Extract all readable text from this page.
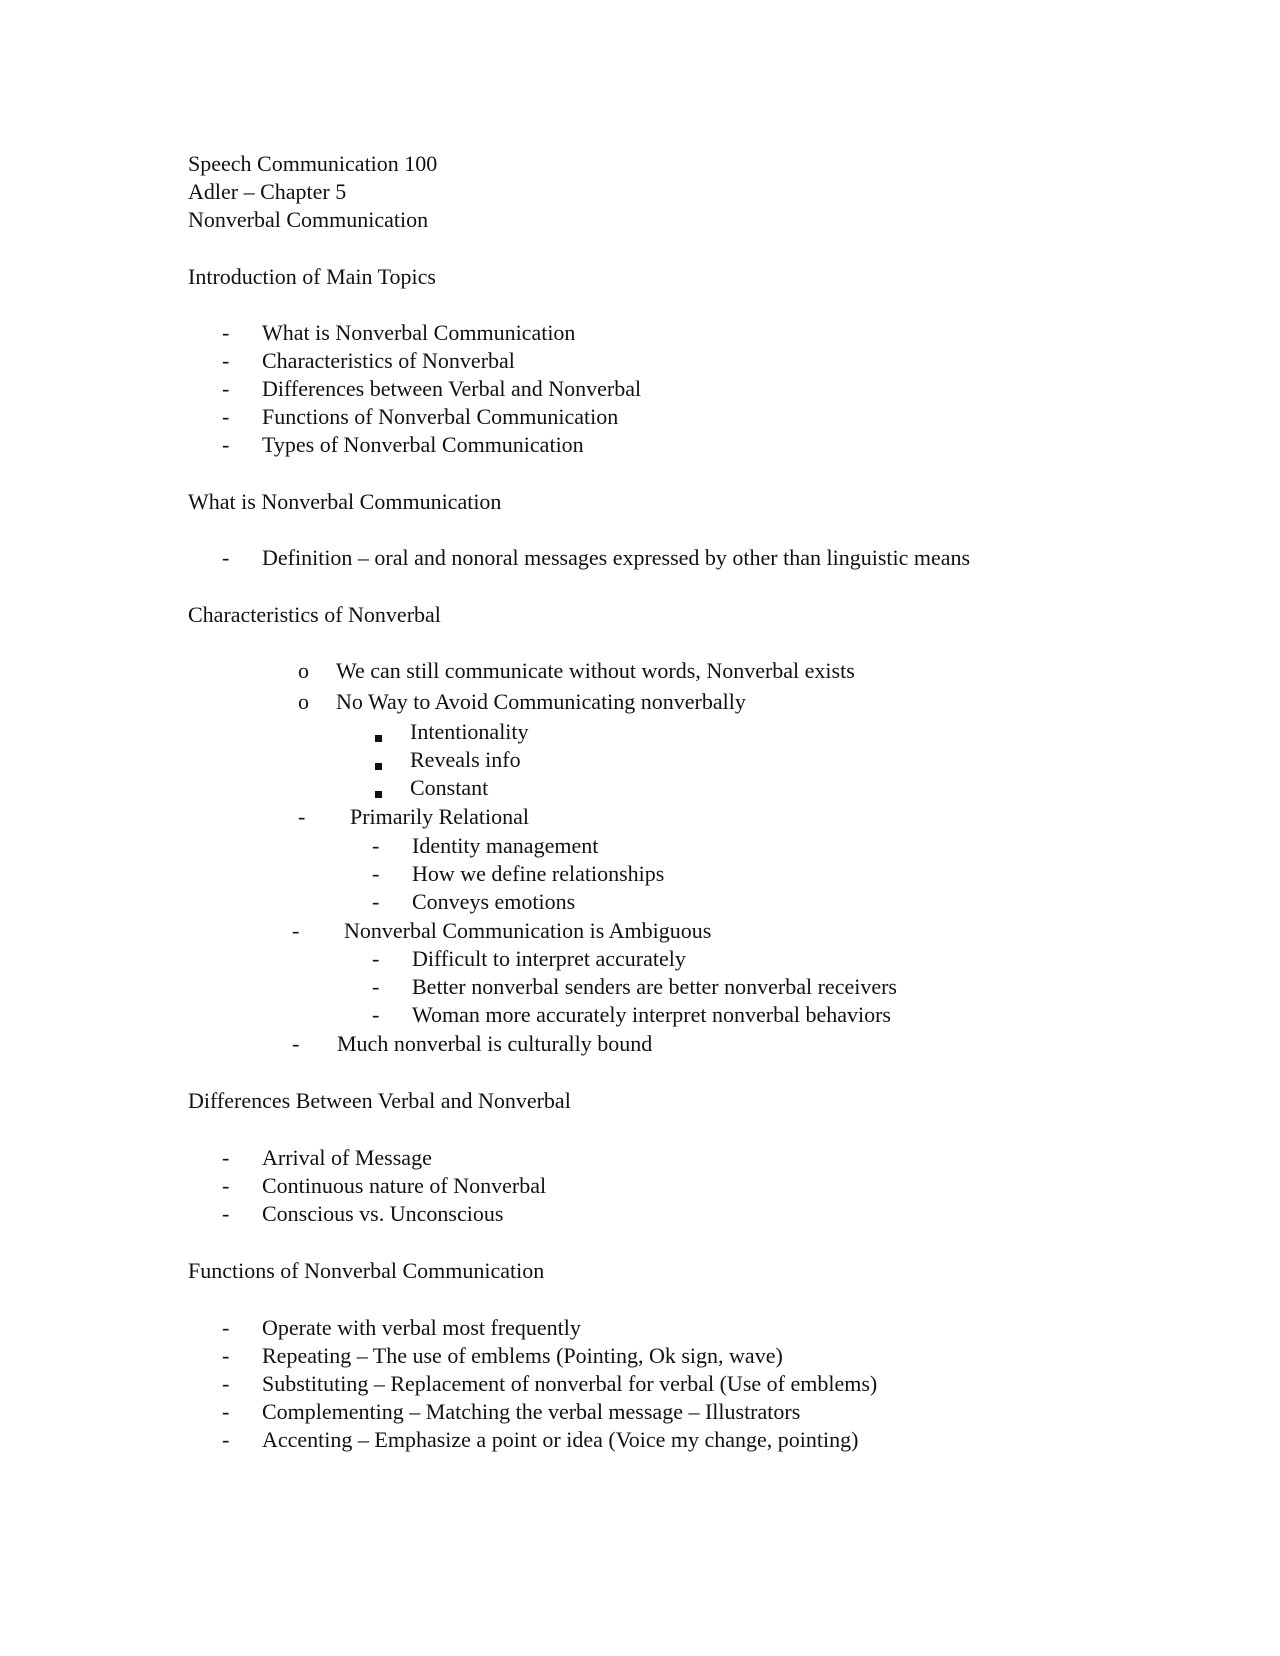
Speech Communication 100
Adler – Chapter 5
Nonverbal Communication
Introduction of Main Topics
- What is Nonverbal Communication
- Characteristics of Nonverbal
- Differences between Verbal and Nonverbal
- Functions of Nonverbal Communication
- Types of Nonverbal Communication
What is Nonverbal Communication
- Definition – oral and nonoral messages expressed by other than linguistic means
Characteristics of Nonverbal
o We can still communicate without words, Nonverbal exists
o No Way to Avoid Communicating nonverbally
Intentionality
Reveals info
Constant
- Primarily Relational
- Identity management
- How we define relationships
- Conveys emotions
- Nonverbal Communication is Ambiguous
- Difficult to interpret accurately
- Better nonverbal senders are better nonverbal receivers
- Woman more accurately interpret nonverbal behaviors
- Much nonverbal is culturally bound
Differences Between Verbal and Nonverbal
- Arrival of Message
- Continuous nature of Nonverbal
- Conscious vs. Unconscious
Functions of Nonverbal Communication
- Operate with verbal most frequently
- Repeating – The use of emblems (Pointing, Ok sign, wave)
- Substituting – Replacement of nonverbal for verbal (Use of emblems)
- Complementing – Matching the verbal message – Illustrators
- Accenting – Emphasize a point or idea (Voice my change, pointing)
